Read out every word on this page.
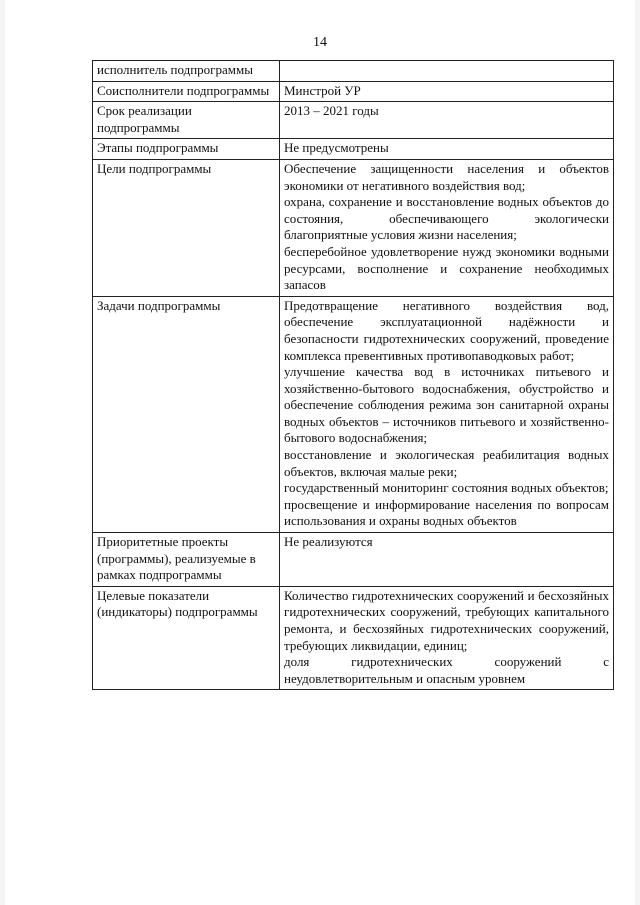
14
исполнитель подпрограммы	

Соисполнители подпрограммы	Минстрой УР

Срок реализации подпрограммы	2013 – 2021 годы

Этапы подпрограммы	Не предусмотрены

Цели подпрограммы	Обеспечение защищенности населения и объектов экономики от негативного воздействия вод;
охрана, сохранение и восстановление водных объектов до состояния, обеспечивающего экологически благоприятные условия жизни населения;
бесперебойное удовлетворение нужд экономики водными ресурсами, восполнение и сохранение необходимых запасов

Задачи подпрограммы	Предотвращение негативного воздействия вод, обеспечение эксплуатационной надёжности и безопасности гидротехнических сооружений, проведение комплекса превентивных противопаводковых работ;
улучшение качества вод в источниках питьевого и хозяйственно-бытового водоснабжения, обустройство и обеспечение соблюдения режима зон санитарной охраны водных объектов – источников питьевого и хозяйственно-бытового водоснабжения;
восстановление и экологическая реабилитация водных объектов, включая малые реки;
государственный мониторинг состояния водных объектов;
просвещение и информирование населения по вопросам использования и охраны водных объектов

Приоритетные проекты (программы), реализуемые в рамках подпрограммы	Не реализуются

Целевые показатели (индикаторы) подпрограммы	Количество гидротехнических сооружений и бесхозяйных гидротехнических сооружений, требующих капитального ремонта, и бесхозяйных гидротехнических сооружений, требующих ликвидации, единиц;
доля гидротехнических сооружений с неудовлетворительным и опасным уровнем
